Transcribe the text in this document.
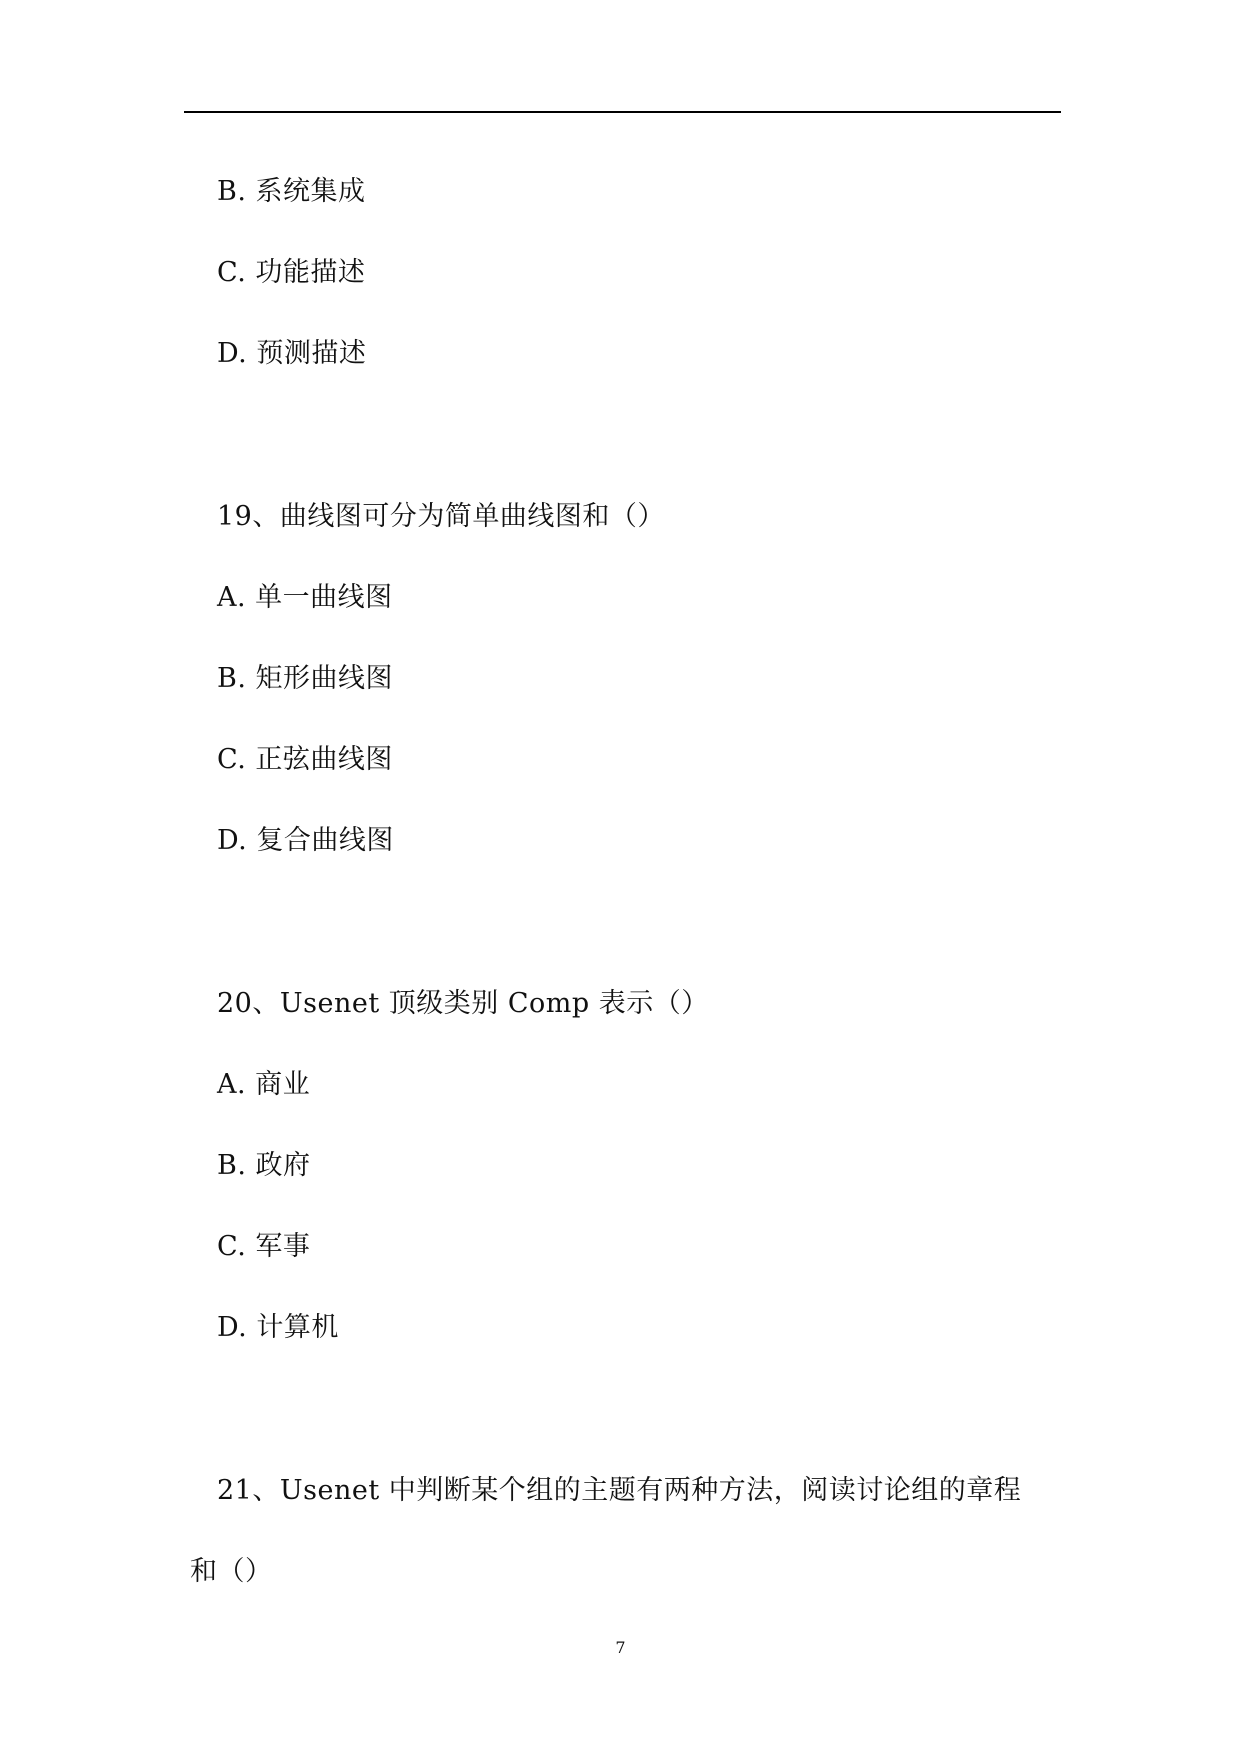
B. 系统集成
C. 功能描述
D. 预测描述
19、曲线图可分为简单曲线图和（）
A. 单一曲线图
B. 矩形曲线图
C. 正弦曲线图
D. 复合曲线图
20、Usenet 顶级类别 Comp 表示（）
A. 商业
B. 政府
C. 军事
D. 计算机
21、Usenet 中判断某个组的主题有两种方法，阅读讨论组的章程
和（）
7
